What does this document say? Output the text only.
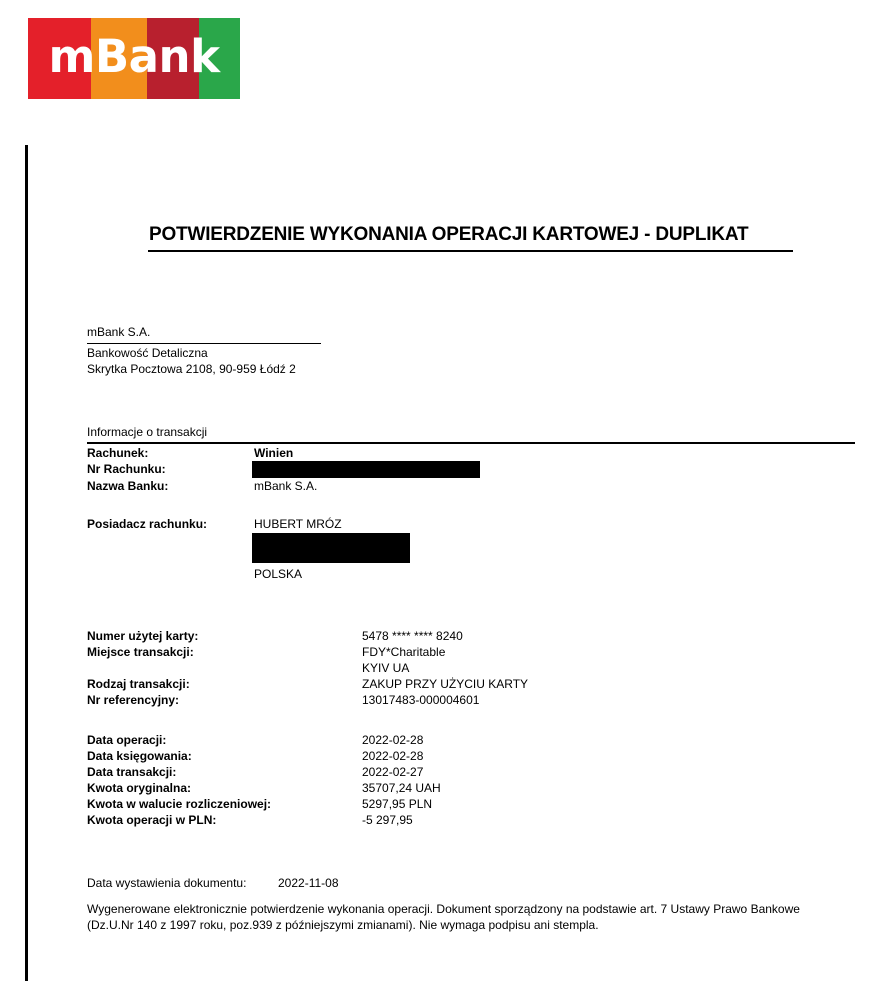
mBank
POTWIERDZENIE WYKONANIA OPERACJI KARTOWEJ - DUPLIKAT
mBank S.A.
Bankowość Detaliczna
Skrytka Pocztowa 2108, 90-959 Łódź 2
Informacje o transakcji
Rachunek:	Winien
Nr Rachunku:
Nazwa Banku:	mBank S.A.
Posiadacz rachunku:	HUBERT MRÓZ
POLSKA
Numer użytej karty:	5478 **** **** 8240
Miejsce transakcji:	FDY*Charitable
KYIV UA
Rodzaj transakcji:	ZAKUP PRZY UŻYCIU KARTY
Nr referencyjny:	13017483-000004601
Data operacji:	2022-02-28
Data księgowania:	2022-02-28
Data transakcji:	2022-02-27
Kwota oryginalna:	35707,24 UAH
Kwota w walucie rozliczeniowej:	5297,95 PLN
Kwota operacji w PLN:	-5 297,95
Data wystawienia dokumentu:	2022-11-08
Wygenerowane elektronicznie potwierdzenie wykonania operacji. Dokument sporządzony na podstawie art. 7 Ustawy Prawo Bankowe (Dz.U.Nr 140 z 1997 roku, poz.939 z późniejszymi zmianami). Nie wymaga podpisu ani stempla.
